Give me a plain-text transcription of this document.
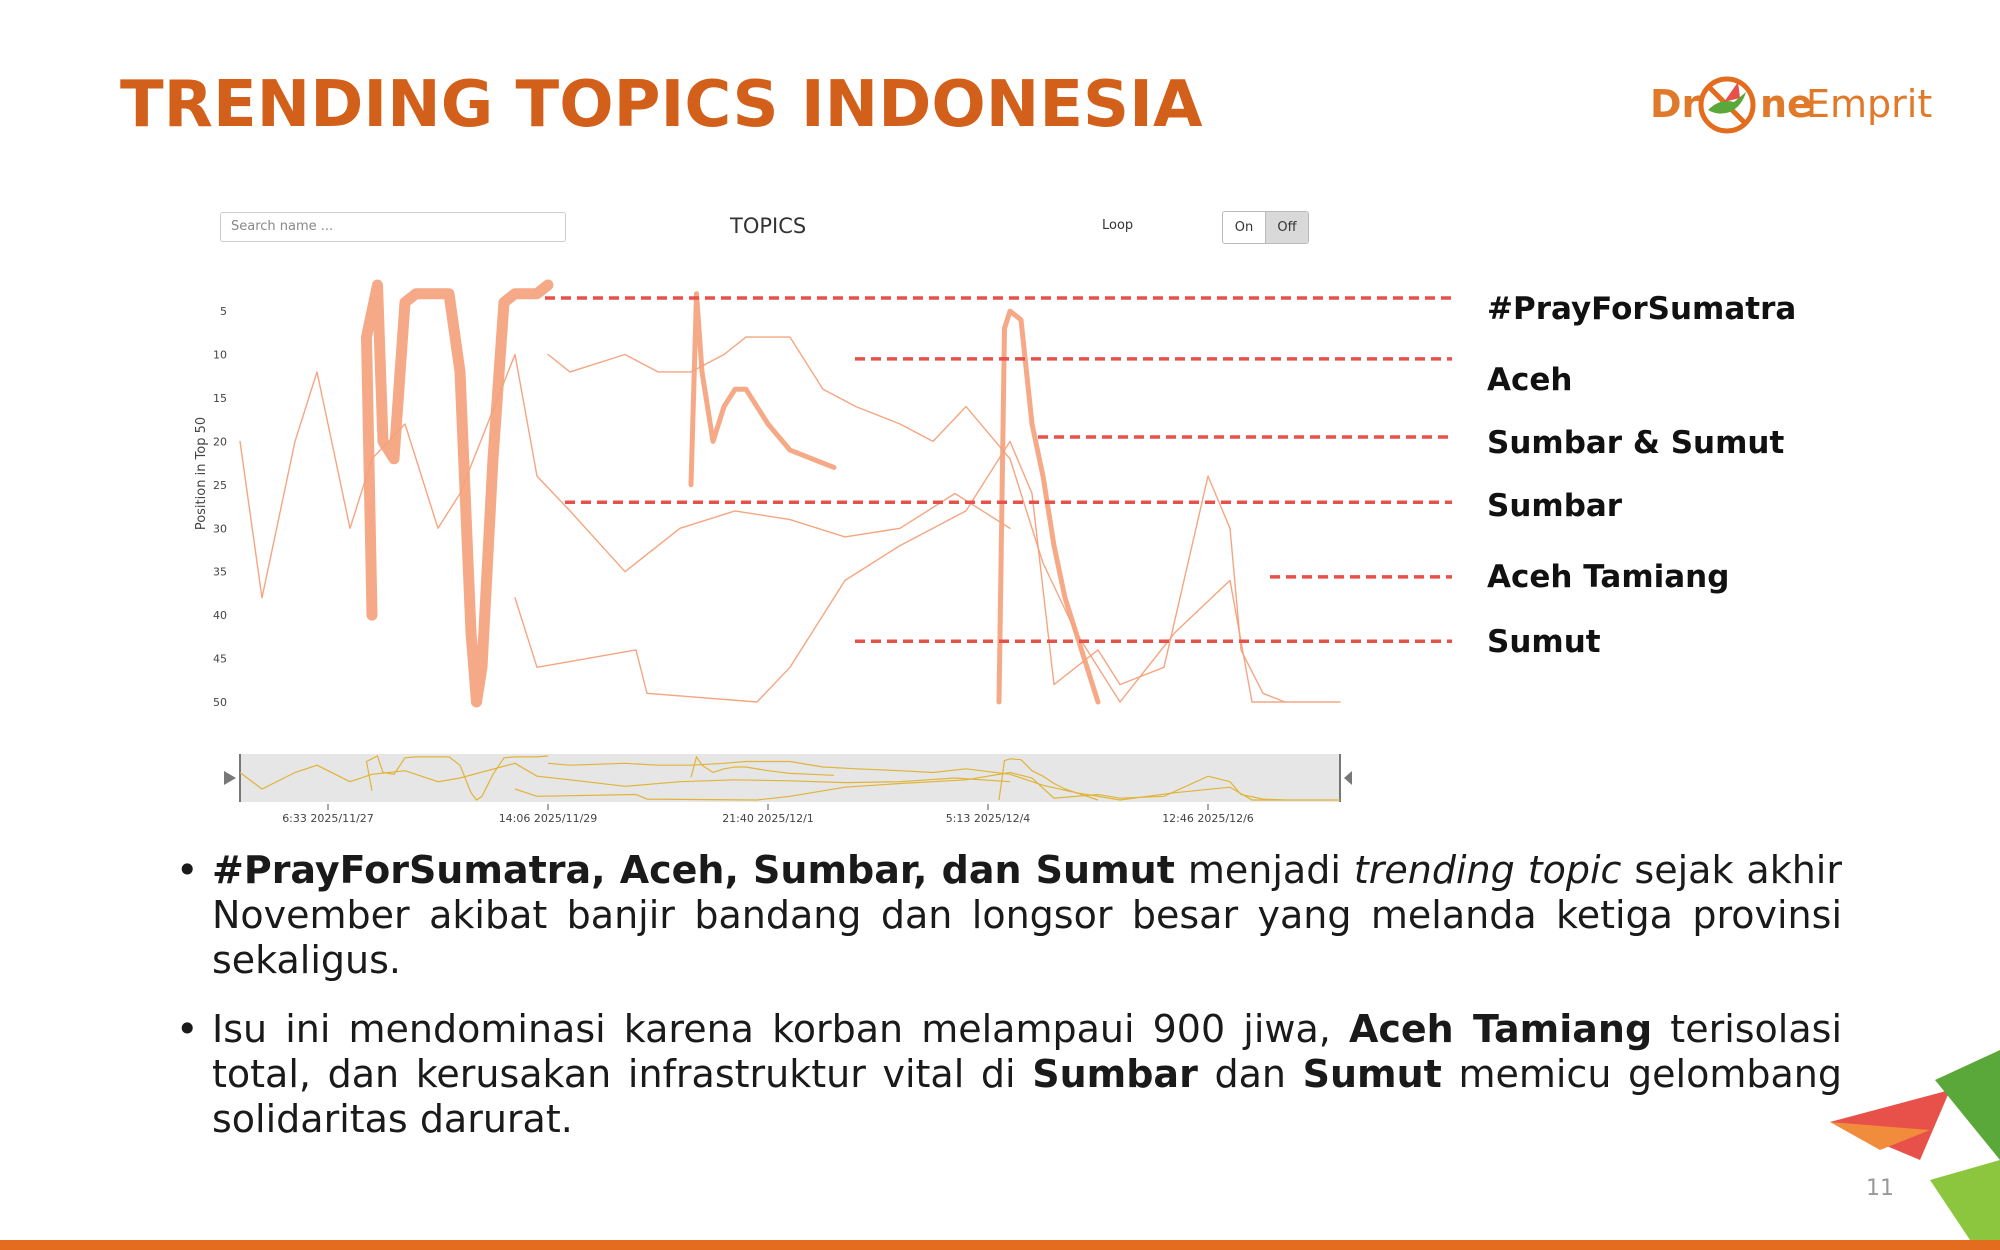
TRENDING TOPICS INDONESIA	Dr ne
Emprit
Search name ...	TOPICS	Loop	On	Off
5
10
15
20
25
30
35
40
45
50
Position in Top 50
#PrayForSumatra
Aceh
Sumbar & Sumut
Sumbar
Aceh Tamiang
Sumut
6:33 2025/11/27	14:06 2025/11/29	21:40 2025/12/1	5:13 2025/12/4	12:46 2025/12/6
• #PrayForSumatra, Aceh, Sumbar, dan Sumut menjadi trending topic sejak akhir November akibat banjir bandang dan longsor besar yang melanda ketiga provinsi sekaligus.
• Isu ini mendominasi karena korban melampaui 900 jiwa, Aceh Tamiang terisolasi total, dan kerusakan infrastruktur vital di Sumbar dan Sumut memicu gelombang solidaritas darurat.
11
